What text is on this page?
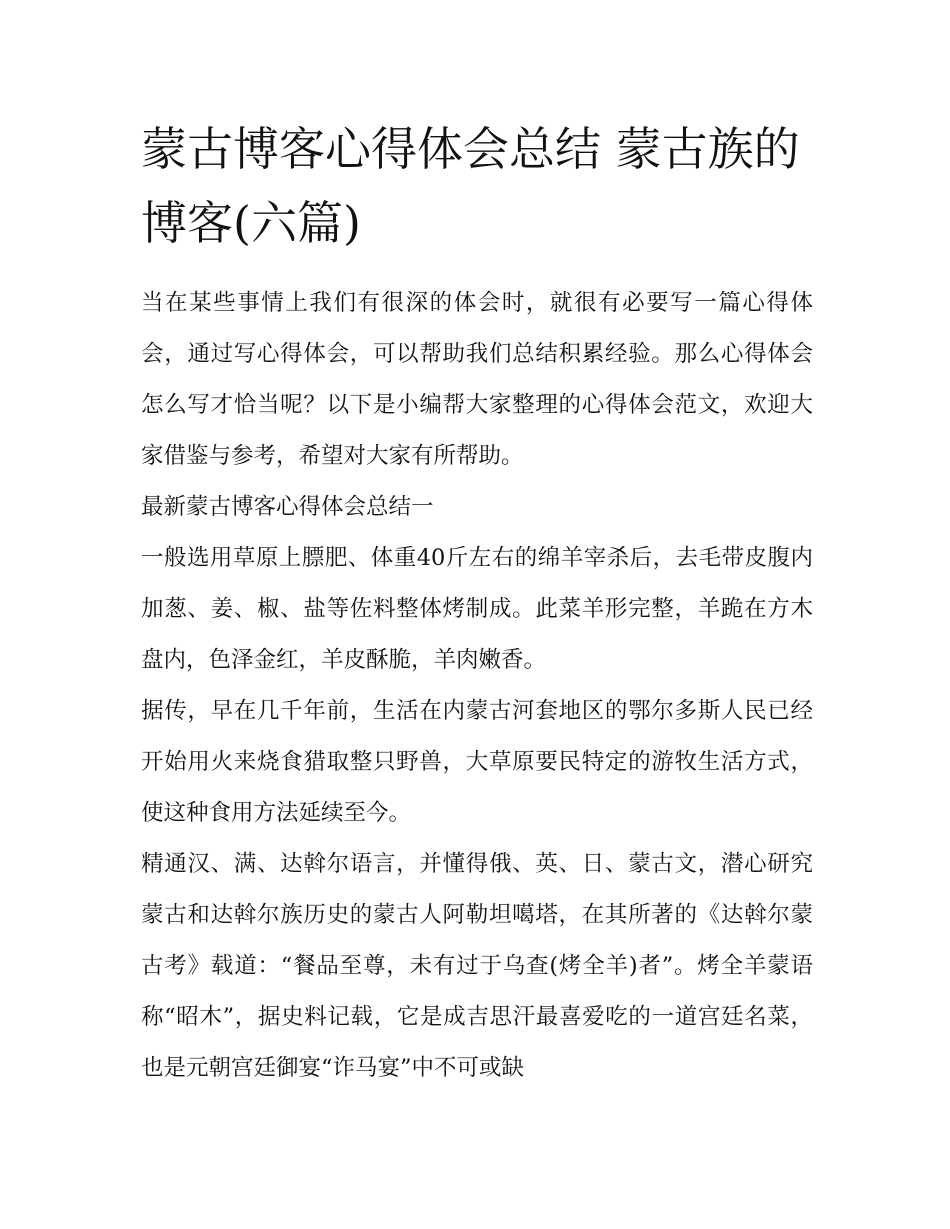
蒙古博客心得体会总结 蒙古族的博客(六篇)

当在某些事情上我们有很深的体会时，就很有必要写一篇心得体会，通过写心得体会，可以帮助我们总结积累经验。那么心得体会怎么写才恰当呢？以下是小编帮大家整理的心得体会范文，欢迎大家借鉴与参考，希望对大家有所帮助。

最新蒙古博客心得体会总结一

一般选用草原上膘肥、体重40斤左右的绵羊宰杀后，去毛带皮腹内加葱、姜、椒、盐等佐料整体烤制成。此菜羊形完整，羊跪在方木盘内，色泽金红，羊皮酥脆，羊肉嫩香。

据传，早在几千年前，生活在内蒙古河套地区的鄂尔多斯人民已经开始用火来烧食猎取整只野兽，大草原要民特定的游牧生活方式，使这种食用方法延续至今。

精通汉、满、达斡尔语言，并懂得俄、英、日、蒙古文，潜心研究蒙古和达斡尔族历史的蒙古人阿勒坦噶塔，在其所著的《达斡尔蒙古考》载道：“餐品至尊，未有过于乌查(烤全羊)者”。烤全羊蒙语称“昭木”，据史料记载，它是成吉思汗最喜爱吃的一道宫廷名菜，也是元朝宫廷御宴“诈马宴”中不可或缺
